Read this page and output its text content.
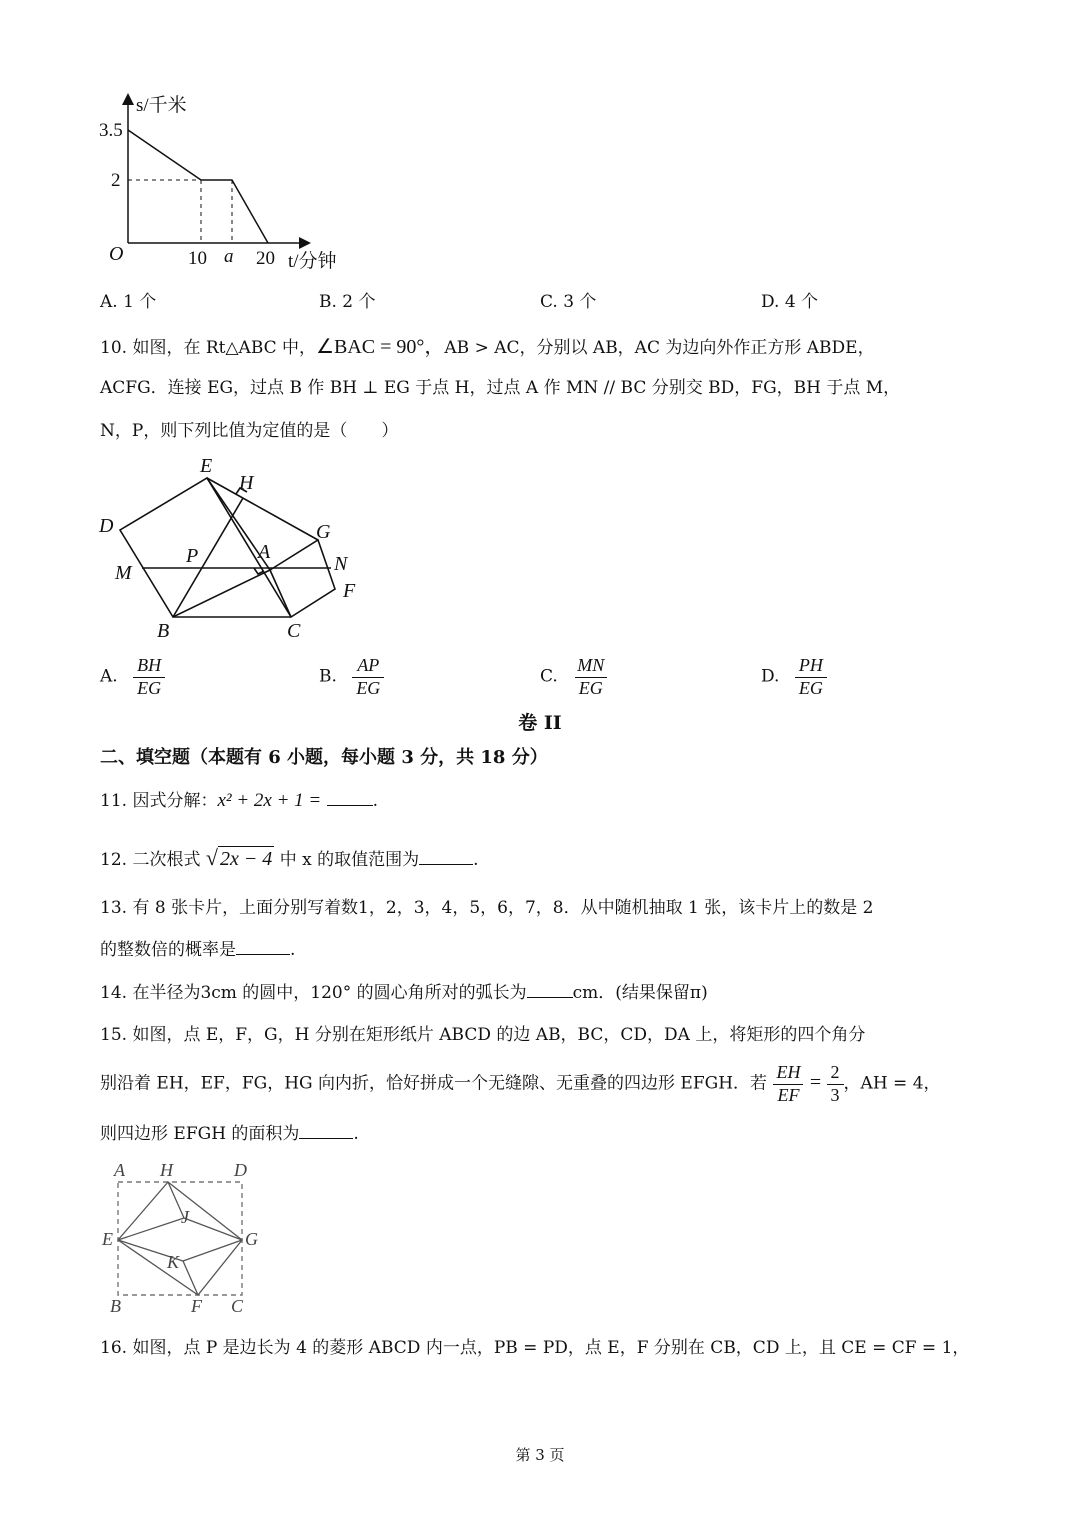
s/千米
3.5
2
O	10 a 20 t/分钟
A. 1 个	B. 2 个	C. 3 个	D. 4 个
10. 如图，在 Rt△ABC 中，∠BAC = 90°，AB > AC，分别以 AB，AC 为边向外作正方形 ABDE，
ACFG．连接 EG，过点 B 作 BH ⊥ EG 于点 H，过点 A 作 MN // BC 分别交 BD，FG，BH 于点 M，
N，P，则下列比值为定值的是（　　）
E
H
D	G
P	A
N
M
F
B	C
A. $\frac{BH}{EG}$	B. $\frac{AP}{EG}$	C. $\frac{MN}{EG}$	D. $\frac{PH}{EG}$
卷 II
二、填空题（本题有 6 小题，每小题 3 分，共 18 分）
11. 因式分解：x² + 2x + 1 =	.
12. 二次根式 √ 2x − 4 中 x 的取值范围为	.
13. 有 8 张卡片，上面分别写着数1，2，3，4，5，6，7，8．从中随机抽取 1 张，该卡片上的数是 2
的整数倍的概率是	.
14. 在半径为3cm 的圆中，120° 的圆心角所对的弧长为	cm．(结果保留π)
15. 如图，点 E，F，G，H 分别在矩形纸片 ABCD 的边 AB，BC，CD，DA 上，将矩形的四个角分
别沿着 EH，EF，FG，HG 向内折，恰好拼成一个无缝隙、无重叠的四边形 EFGH．若 $\frac{EH}{EF} = \frac{2}{3}$ ，AH = 4，
则四边形 EFGH 的面积为	.
A H	D
E
J
G
K
B	F C
16. 如图，点 P 是边长为 4 的菱形 ABCD 内一点，PB = PD，点 E，F 分别在 CB，CD 上，且 CE = CF = 1，
第 3 页
